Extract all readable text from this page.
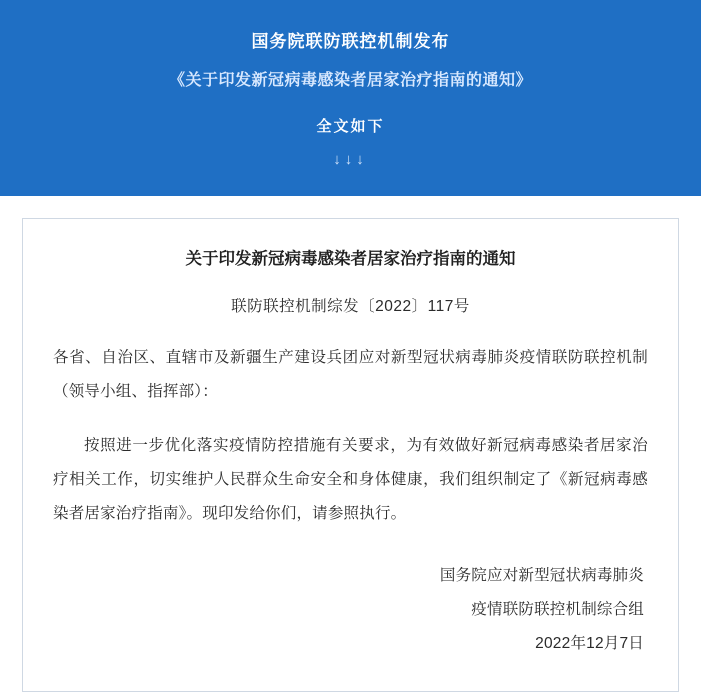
国务院联防联控机制发布
《关于印发新冠病毒感染者居家治疗指南的通知》
全文如下
↓↓↓
关于印发新冠病毒感染者居家治疗指南的通知
联防联控机制综发〔2022〕117号
各省、自治区、直辖市及新疆生产建设兵团应对新型冠状病毒肺炎疫情联防联控机制（领导小组、指挥部）：
按照进一步优化落实疫情防控措施有关要求，为有效做好新冠病毒感染者居家治疗相关工作，切实维护人民群众生命安全和身体健康，我们组织制定了《新冠病毒感染者居家治疗指南》。现印发给你们，请参照执行。
国务院应对新型冠状病毒肺炎
疫情联防联控机制综合组
2022年12月7日
